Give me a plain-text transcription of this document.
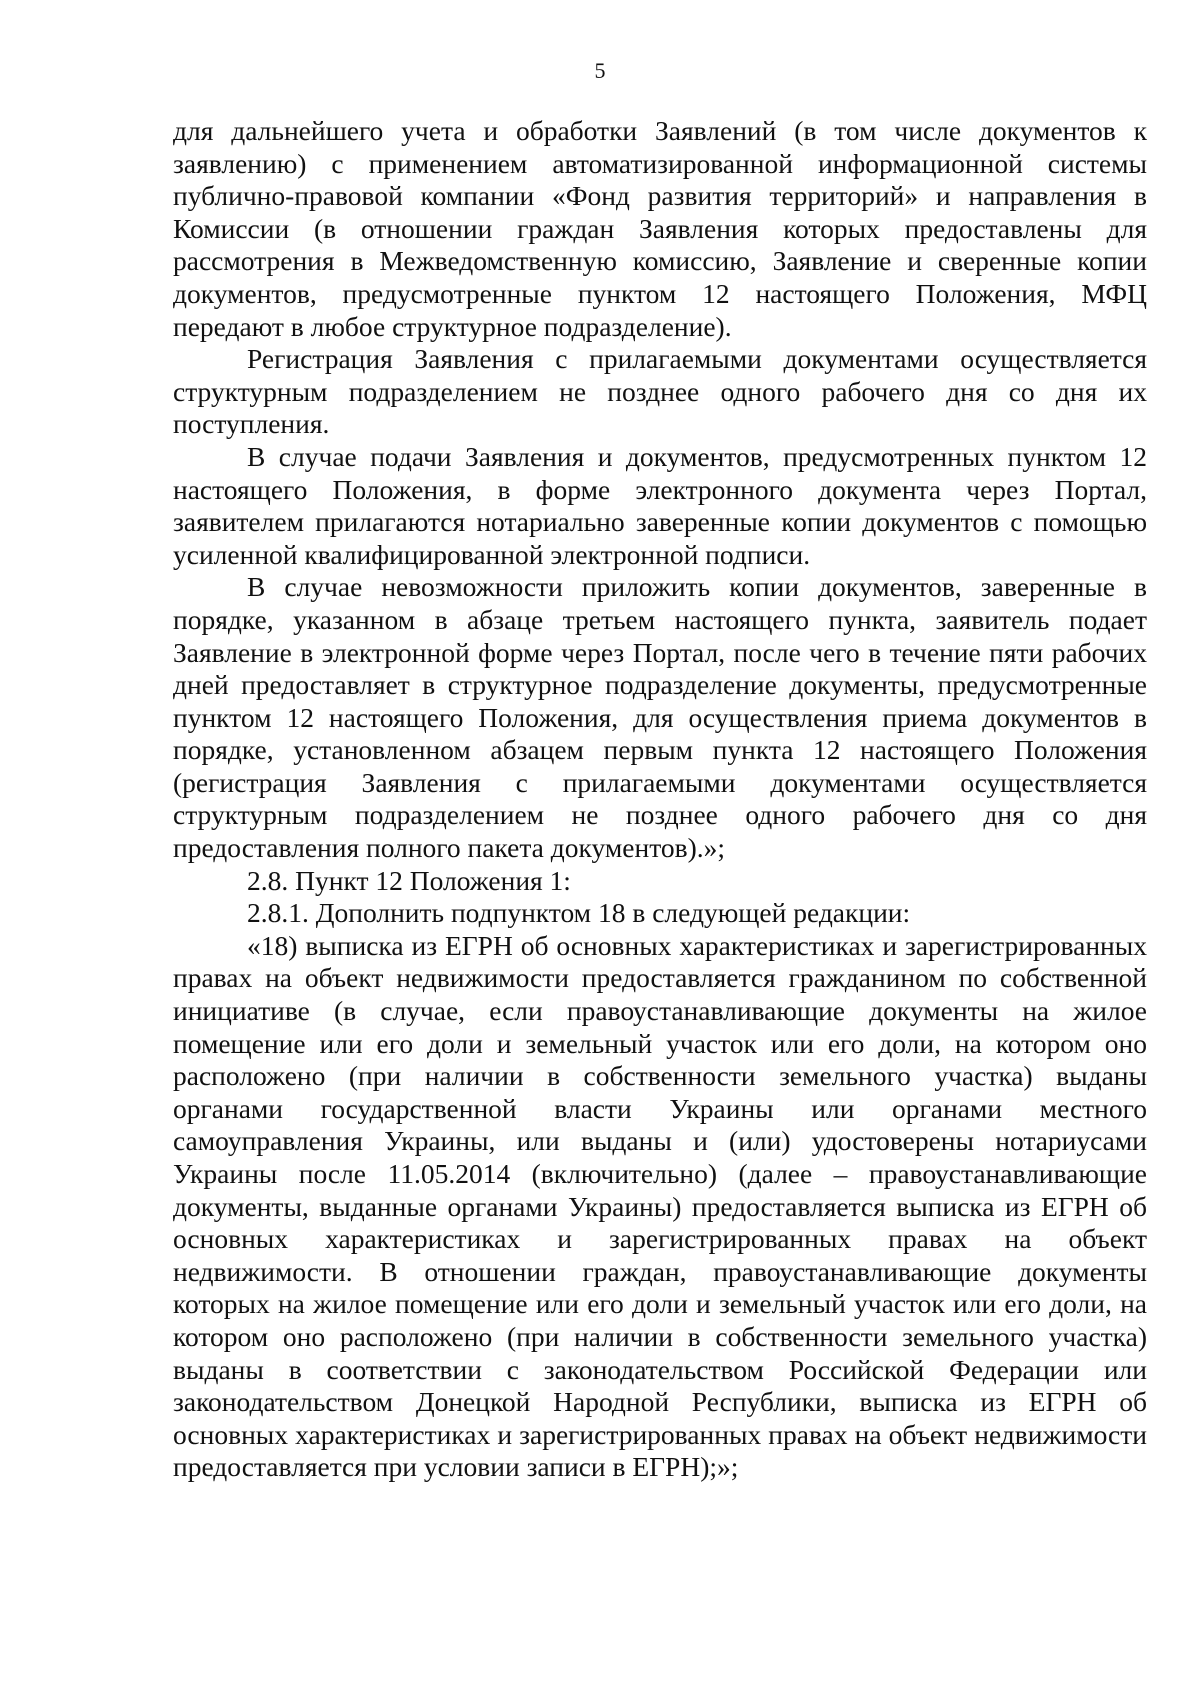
5

для дальнейшего учета и обработки Заявлений (в том числе документов к заявлению) с применением автоматизированной информационной системы публично-правовой компании «Фонд развития территорий» и направления в Комиссии (в отношении граждан Заявления которых предоставлены для рассмотрения в Межведомственную комиссию, Заявление и сверенные копии документов, предусмотренные пунктом 12 настоящего Положения, МФЦ передают в любое структурное подразделение).

Регистрация Заявления с прилагаемыми документами осуществляется структурным подразделением не позднее одного рабочего дня со дня их поступления.

В случае подачи Заявления и документов, предусмотренных пунктом 12 настоящего Положения, в форме электронного документа через Портал, заявителем прилагаются нотариально заверенные копии документов с помощью усиленной квалифицированной электронной подписи.

В случае невозможности приложить копии документов, заверенные в порядке, указанном в абзаце третьем настоящего пункта, заявитель подает Заявление в электронной форме через Портал, после чего в течение пяти рабочих дней предоставляет в структурное подразделение документы, предусмотренные пунктом 12 настоящего Положения, для осуществления приема документов в порядке, установленном абзацем первым пункта 12 настоящего Положения (регистрация Заявления с прилагаемыми документами осуществляется структурным подразделением не позднее одного рабочего дня со дня предоставления полного пакета документов).»;

2.8. Пункт 12 Положения 1:

2.8.1. Дополнить подпунктом 18 в следующей редакции:

«18) выписка из ЕГРН об основных характеристиках и зарегистрированных правах на объект недвижимости предоставляется гражданином по собственной инициативе (в случае, если правоустанавливающие документы на жилое помещение или его доли и земельный участок или его доли, на котором оно расположено (при наличии в собственности земельного участка) выданы органами государственной власти Украины или органами местного самоуправления Украины, или выданы и (или) удостоверены нотариусами Украины после 11.05.2014 (включительно) (далее – правоустанавливающие документы, выданные органами Украины) предоставляется выписка из ЕГРН об основных характеристиках и зарегистрированных правах на объект недвижимости. В отношении граждан, правоустанавливающие документы которых на жилое помещение или его доли и земельный участок или его доли, на котором оно расположено (при наличии в собственности земельного участка) выданы в соответствии с законодательством Российской Федерации или законодательством Донецкой Народной Республики, выписка из ЕГРН об основных характеристиках и зарегистрированных правах на объект недвижимости предоставляется при условии записи в ЕГРН);»;
